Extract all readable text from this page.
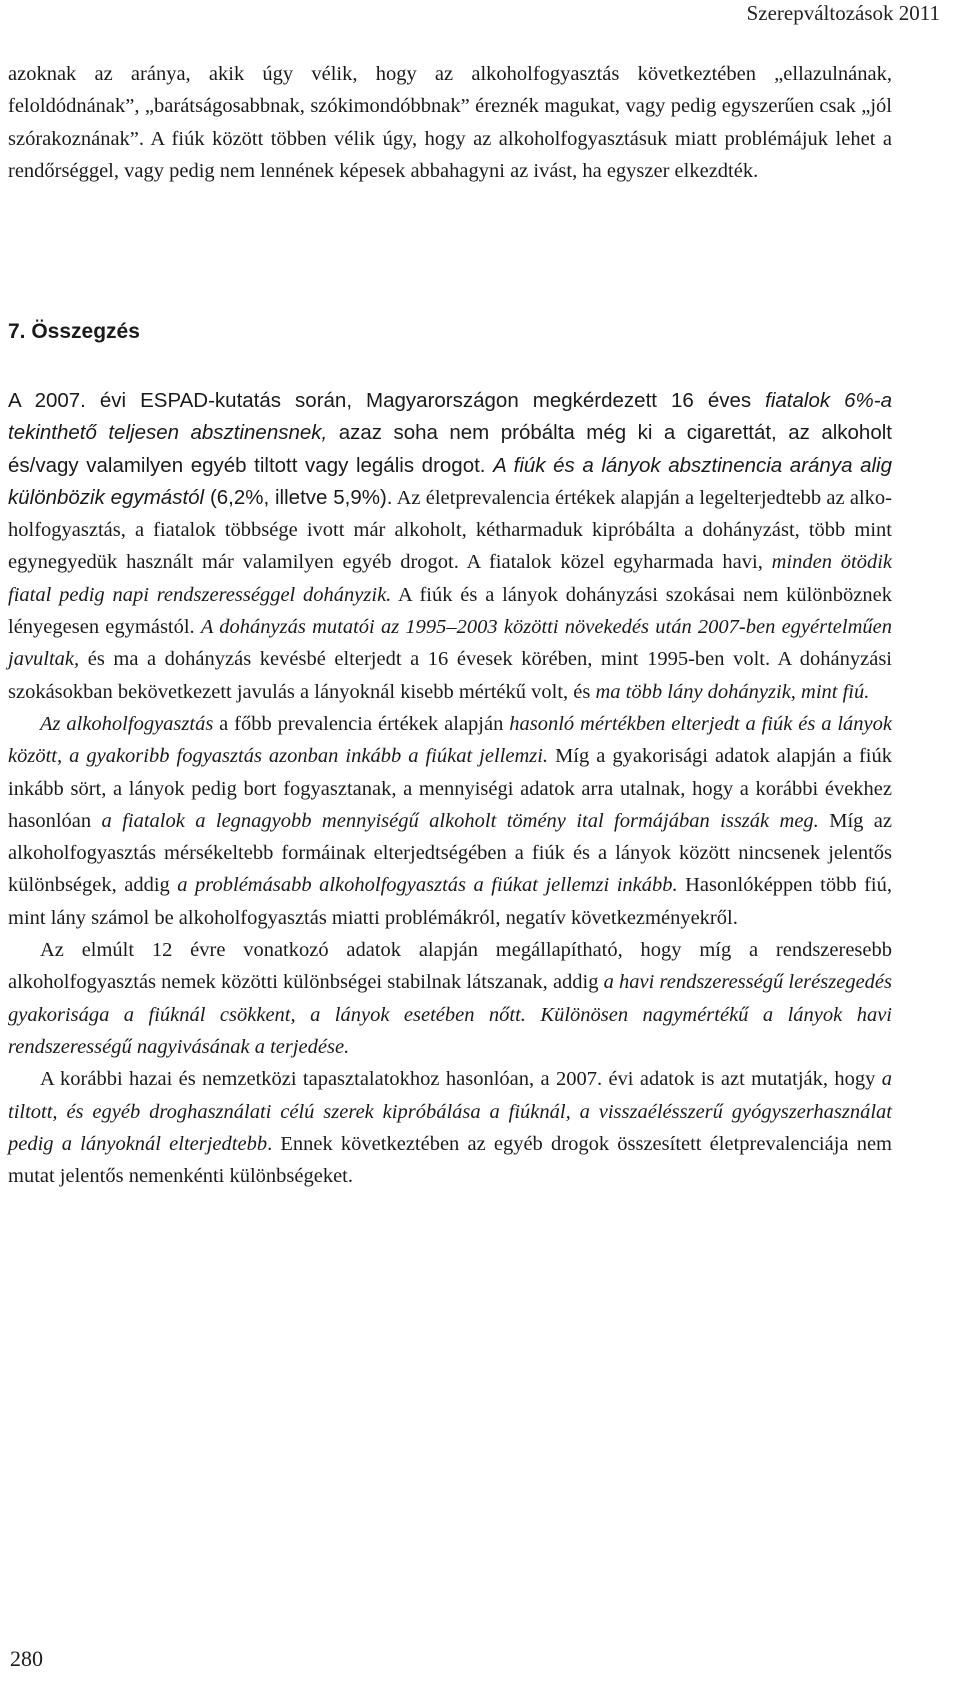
Szerepváltozások 2011

azoknak az aránya, akik úgy vélik, hogy az alkoholfogyasztás következtében „ellazulnának, feloldódnának”, „barátságosabbnak, szókimondóbbnak” éreznék magukat, vagy pedig egyszerűen csak „jól szórakoznának”. A fiúk között többen vélik úgy, hogy az alkoholfogyasztásuk miatt problémájuk lehet a rendőrséggel, vagy pedig nem lennének képesek abbahagyni az ivást, ha egyszer elkezdték.

7. Összegzés

A 2007. évi ESPAD-kutatás során, Magyarországon megkérdezett 16 éves fiatalok 6%-a tekinthető teljesen absztinensnek, azaz soha nem próbálta még ki a cigarettát, az alkoholt és/vagy valamilyen egyéb tiltott vagy legális drogot. A fiúk és a lányok absztinencia aránya alig különbözik egymástól (6,2%, illetve 5,9%). Az életprevalencia értékek alapján a legelterjedtebb az alkoholfogyasztás, a fiatalok többsége ivott már alkoholt, kétharmaduk kipróbálta a dohányzást, több mint egynegyedük használt már valamilyen egyéb drogot. A fiatalok közel egyharmada havi, minden ötödik fiatal pedig napi rendszerességgel dohányzik. A fiúk és a lányok dohányzási szokásai nem különböznek lényegesen egymástól. A dohányzás mutatói az 1995–2003 közötti növekedés után 2007-ben egyértelműen javultak, és ma a dohányzás kevésbé elterjedt a 16 évesek körében, mint 1995-ben volt. A dohányzási szokásokban bekövetkezett javulás a lányoknál kisebb mértékű volt, és ma több lány dohányzik, mint fiú.

Az alkoholfogyasztás a főbb prevalencia értékek alapján hasonló mértékben elterjedt a fiúk és a lányok között, a gyakoribb fogyasztás azonban inkább a fiúkat jellemzi. Míg a gyakorisági adatok alapján a fiúk inkább sört, a lányok pedig bort fogyasztanak, a mennyiségi adatok arra utalnak, hogy a korábbi évekhez hasonlóan a fiatalok a legnagyobb mennyiségű alkoholt tömény ital formájában isszák meg. Míg az alkoholfogyasztás mérsékeltebb formáinak elterjedtségében a fiúk és a lányok között nincsenek jelentős különbségek, addig a problémásabb alkoholfogyasztás a fiúkat jellemzi inkább. Hasonlóképpen több fiú, mint lány számol be alkoholfogyasztás miatti problémákról, negatív következményekről.

Az elmúlt 12 évre vonatkozó adatok alapján megállapítható, hogy míg a rendszeresebb alkoholfogyasztás nemek közötti különbségei stabilnak látszanak, addig a havi rendszerességű lerészegedés gyakorisága a fiúknál csökkent, a lányok esetében nőtt. Különösen nagymértékű a lányok havi rendszerességű nagyivásának a terjedése.

A korábbi hazai és nemzetközi tapasztalatokhoz hasonlóan, a 2007. évi adatok is azt mutatják, hogy a tiltott, és egyéb droghasználati célú szerek kipróbálása a fiúknál, a visszaélésszerű gyógyszerhasználat pedig a lányoknál elterjedtebb. Ennek következtében az egyéb drogok összesített életprevalenciája nem mutat jelentős nemenkénti különbségeket.

280
